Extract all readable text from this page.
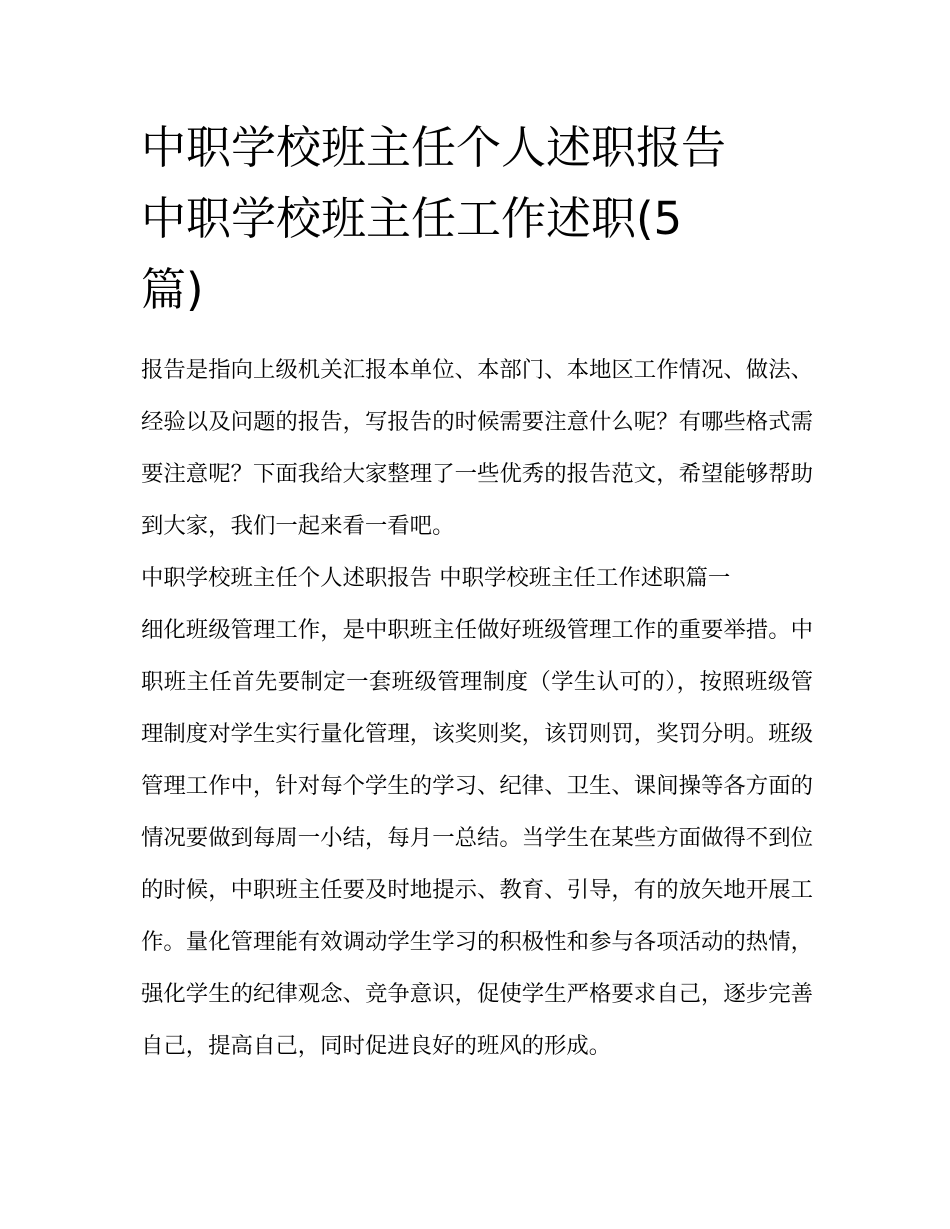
中职学校班主任个人述职报告
中职学校班主任工作述职(5
篇)

报告是指向上级机关汇报本单位、本部门、本地区工作情况、做法、经验以及问题的报告，写报告的时候需要注意什么呢？有哪些格式需要注意呢？下面我给大家整理了一些优秀的报告范文，希望能够帮助到大家，我们一起来看一看吧。

中职学校班主任个人述职报告 中职学校班主任工作述职篇一

细化班级管理工作，是中职班主任做好班级管理工作的重要举措。中职班主任首先要制定一套班级管理制度（学生认可的），按照班级管理制度对学生实行量化管理，该奖则奖，该罚则罚，奖罚分明。班级管理工作中，针对每个学生的学习、纪律、卫生、课间操等各方面的情况要做到每周一小结，每月一总结。当学生在某些方面做得不到位的时候，中职班主任要及时地提示、教育、引导，有的放矢地开展工作。量化管理能有效调动学生学习的积极性和参与各项活动的热情，强化学生的纪律观念、竞争意识，促使学生严格要求自己，逐步完善自己，提高自己，同时促进良好的班风的形成。
